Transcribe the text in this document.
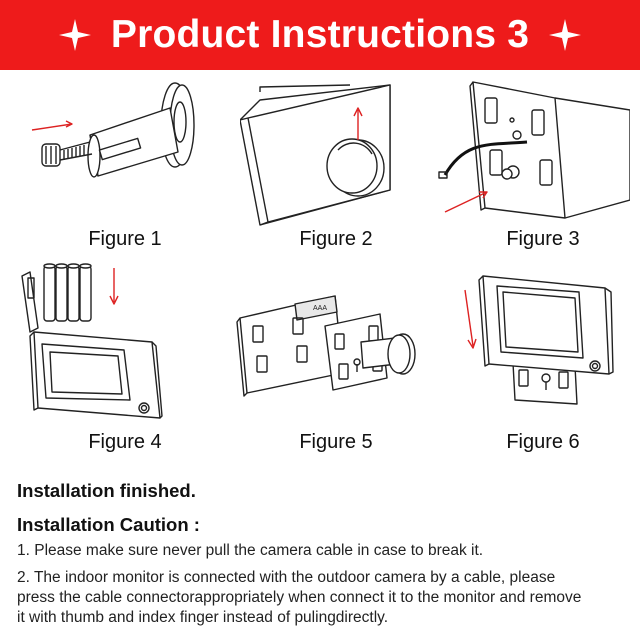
Product Instructions 3
Figure 1	Figure 2	Figure 3
Figure 4
AAA
Figure 5	Figure 6
Installation finished.
Installation Caution :
1. Please make sure never pull the camera cable in case to break it.
2. The indoor monitor is connected with the outdoor camera by a cable, please
press the cable connectorappropriately when connect it to the monitor and remove
it with thumb and index finger instead of pulingdirectly.
